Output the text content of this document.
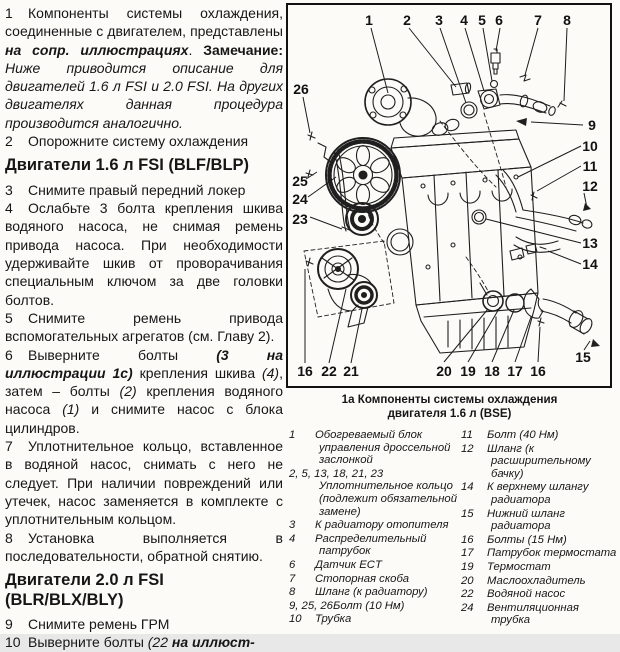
1 Компоненты системы охлаждения, соединенные с двигателем, представлены на сопр. иллюстрациях. Замечание: Ниже приводится описание для двигателей 1.6 л FSI и 2.0 FSI. На других двигателях данная процедура производится аналогично.

2 Опорожните систему охлаждения

Двигатели 1.6 л FSI (BLF/BLP)

3 Снимите правый передний локер

4 Ослабьте 3 болта крепления шкива водяного насоса, не снимая ремень привода насоса. При необходимости удерживайте шкив от проворачивания специальным ключом за две головки болтов.

5 Снимите ремень привода вспомогательных агрегатов (см. Главу 2).

6 Выверните болты (3 на иллюстрации 1с) крепления шкива (4), затем – болты (2) крепления водяного насоса (1) и снимите насос с блока цилиндров.

7 Уплотнительное кольцо, вставленное в водяной насос, снимать с него не следует. При наличии повреждений или утечек, насос заменяется в комплекте с уплотнительным кольцом.

8 Установка выполняется в последовательности, обратной снятию.

Двигатели 2.0 л FSI (BLR/BLX/BLY)

9 Снимите ремень ГРМ

10 Выверните болты (22 на иллюст-

1 2 3 4 5 6 7 8
9
10
11
12
13
14
15
16 22 21	20 19 18 17 16
23
24
25
26
1а Компоненты системы охлаждения
двигателя 1.6 л (BSE)
1 Обогреваемый блок управления дроссельной заслонкой
2, 5, 13, 18, 21, 23Уплотнительное кольцо (подлежит обязательной замене)
3 К радиатору отопителя
4 Распределительный патрубок
6 Датчик ECT
7 Стопорная скоба
8 Шланг (к радиатору)
9, 25, 26Болт (10 Нм)
10 Трубка
11 Болт (40 Нм)
12 Шланг (к расширительному бачку)
14 К верхнему шлангу радиатора
15 Нижний шланг радиатора
16 Болты (15 Нм)
17 Патрубок термостата
19 Термостат
20 Маслоохладитель
22 Водяной насос
24 Вентиляционная трубка
